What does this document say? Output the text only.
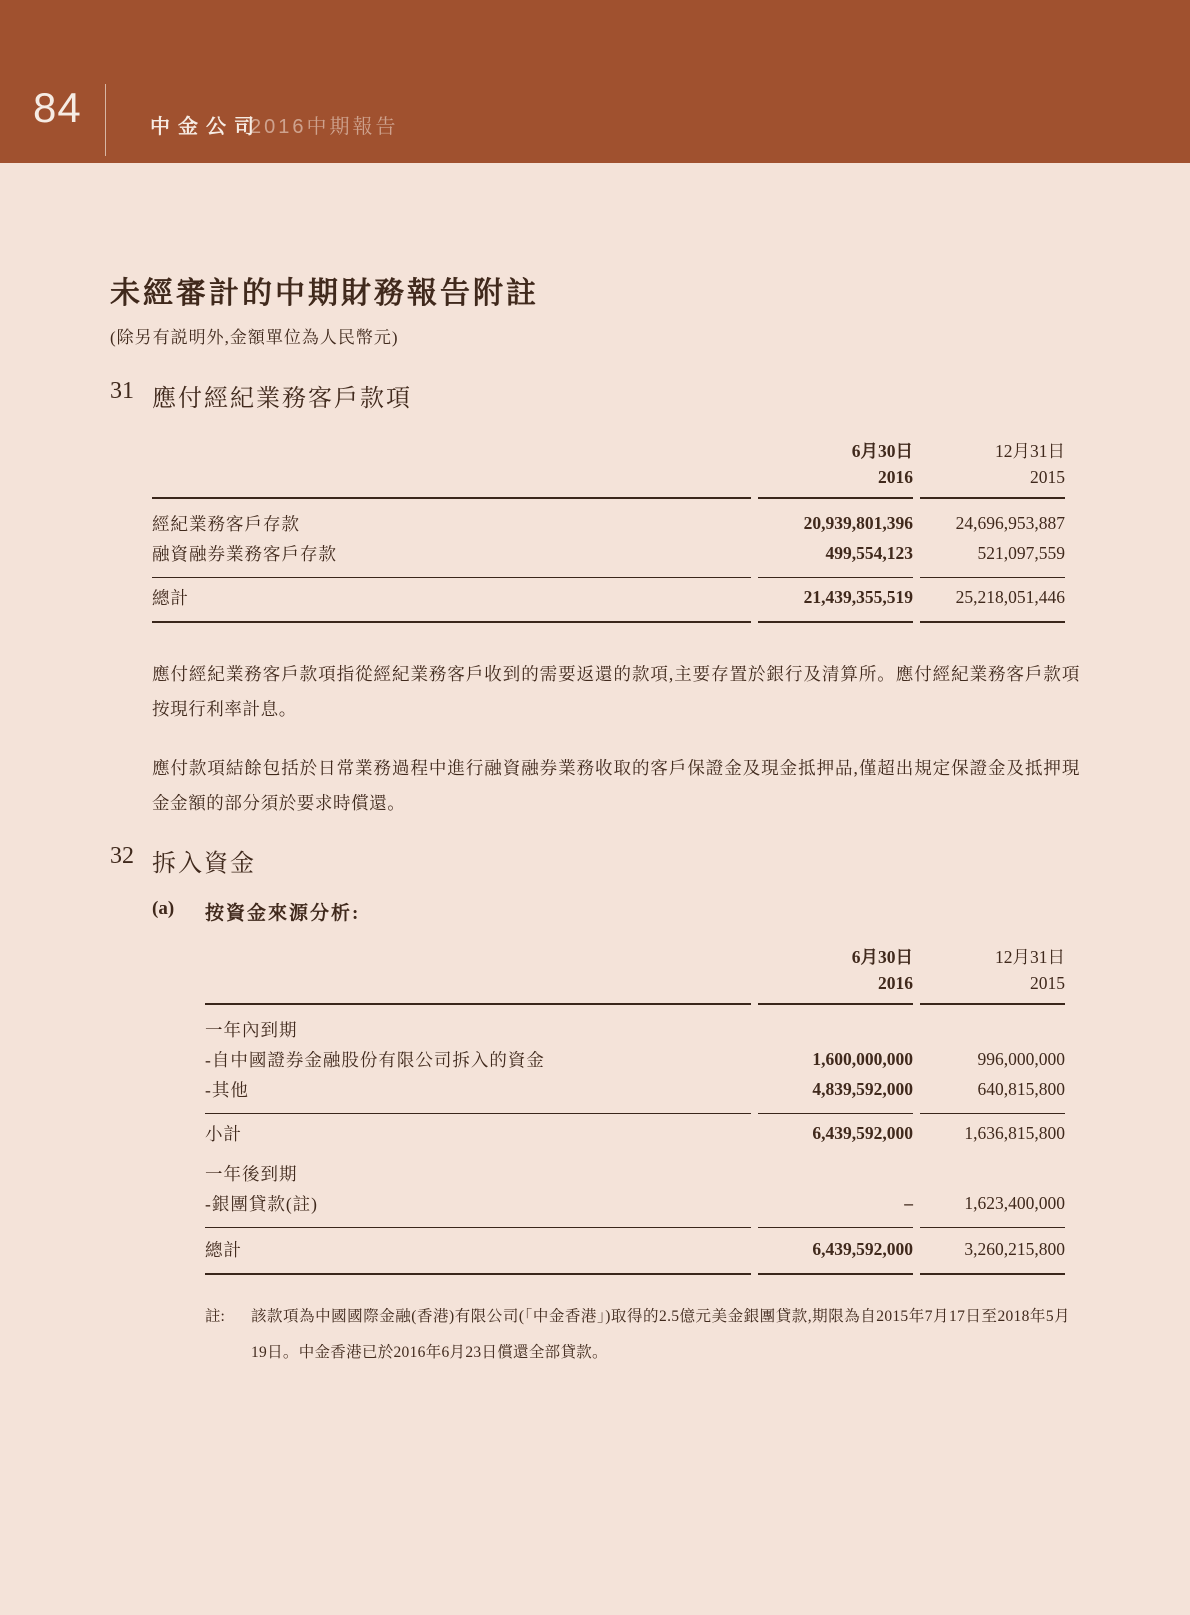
84	中金公司
2016中期報告
未經審計的中期財務報告附註
(除另有説明外,金額單位為人民幣元)
31 應付經紀業務客戶款項
6月30日	12月31日
2016	2015
經紀業務客戶存款	20,939,801,396	24,696,953,887
融資融券業務客戶存款	499,554,123	521,097,559
總計	21,439,355,519	25,218,051,446

應付經紀業務客戶款項指從經紀業務客戶收到的需要返還的款項,主要存置於銀行及清算所。應付經紀業務客戶款項按現行利率計息。

應付款項結餘包括於日常業務過程中進行融資融券業務收取的客戶保證金及現金抵押品,僅超出規定保證金及抵押現金金額的部分須於要求時償還。

32 拆入資金
(a)	按資金來源分析:
6月30日	12月31日
2016	2015
一年內到期
-自中國證券金融股份有限公司拆入的資金	1,600,000,000	996,000,000
-其他	4,839,592,000	640,815,800
小計	6,439,592,000	1,636,815,800
一年後到期
-銀團貸款(註)	–	1,623,400,000
總計	6,439,592,000	3,260,215,800
註:	該款項為中國國際金融(香港)有限公司(「中金香港」)取得的2.5億元美金銀團貸款,期限為自2015年7月17日至2018年5月19日。中金香港已於2016年6月23日償還全部貸款。
